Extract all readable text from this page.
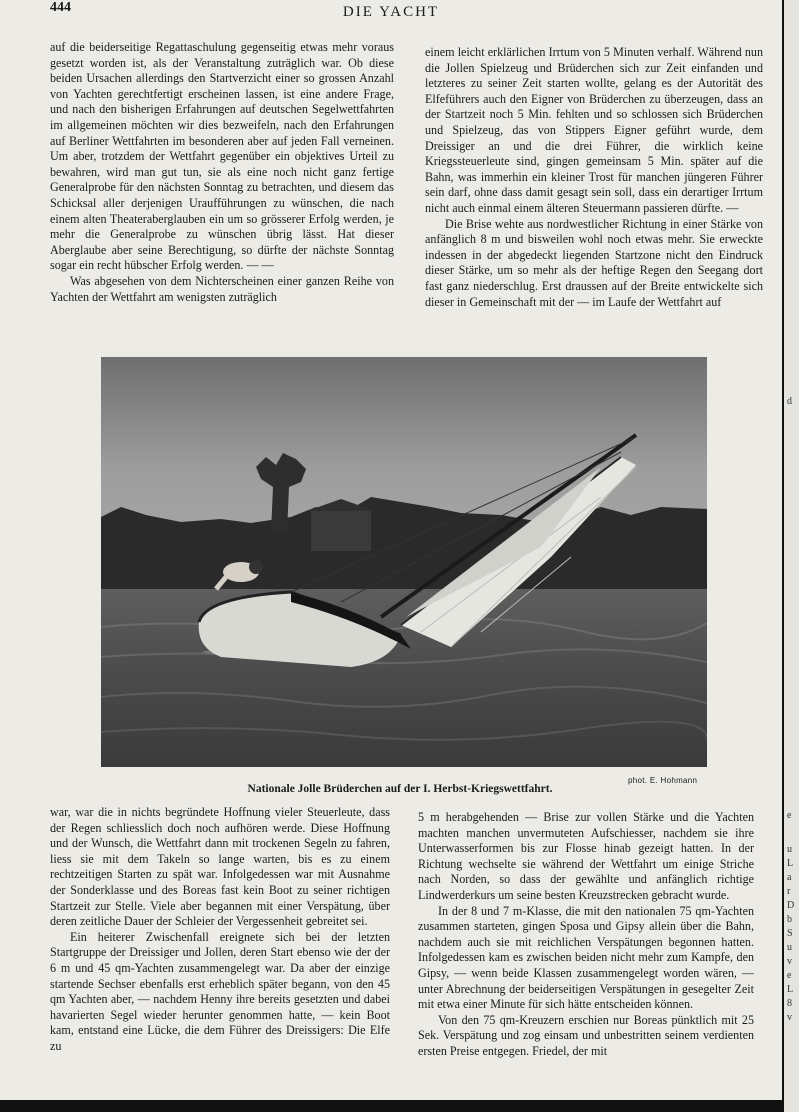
444	DIE YACHT

auf die beiderseitige Regattaschulung gegenseitig etwas mehr voraus gesetzt worden ist, als der Veranstaltung zuträglich war. Ob diese beiden Ursachen allerdings den Startverzicht einer so grossen Anzahl von Yachten gerechtfertigt erscheinen lassen, ist eine andere Frage, und nach den bisherigen Erfahrungen auf deutschen Segelwettfahrten im allgemeinen möchten wir dies bezweifeln, nach den Erfahrungen auf Berliner Wettfahrten im besonderen aber auf jeden Fall verneinen. Um aber, trotzdem der Wettfahrt gegenüber ein objektives Urteil zu bewahren, wird man gut tun, sie als eine noch nicht ganz fertige Generalprobe für den nächsten Sonntag zu betrachten, und diesem das Schicksal aller derjenigen Uraufführungen zu wünschen, die nach einem alten Theateraberglauben ein um so grösserer Erfolg werden, je mehr die Generalprobe zu wünschen übrig lässt. Hat dieser Aberglaube aber seine Berechtigung, so dürfte der nächste Sonntag sogar ein recht hübscher Erfolg werden. — —

Was abgesehen von dem Nichterscheinen einer ganzen Reihe von Yachten der Wettfahrt am wenigsten zuträglich

einem leicht erklärlichen Irrtum von 5 Minuten verhalf. Während nun die Jollen Spielzeug und Brüderchen sich zur Zeit einfanden und letzteres zu seiner Zeit starten wollte, gelang es der Autorität des Elfeführers auch den Eigner von Brüderchen zu überzeugen, dass an der Startzeit noch 5 Min. fehlten und so schlossen sich Brüderchen und Spielzeug, das von Stippers Eigner geführt wurde, dem Dreissiger an und die drei Führer, die wirklich keine Kriegssteuerleute sind, gingen gemeinsam 5 Min. später auf die Bahn, was immerhin ein kleiner Trost für manchen jüngeren Führer sein darf, ohne dass damit gesagt sein soll, dass ein derartiger Irrtum nicht auch einmal einem älteren Steuermann passieren dürfte. —

Die Brise wehte aus nordwestlicher Richtung in einer Stärke von anfänglich 8 m und bisweilen wohl noch etwas mehr. Sie erweckte indessen in der abgedeckt liegenden Startzone nicht den Eindruck dieser Stärke, um so mehr als der heftige Regen den Seegang dort fast ganz niederschlug. Erst draussen auf der Breite entwickelte sich dieser in Gemeinschaft mit der — im Laufe der Wettfahrt auf

phot. E. Hohmann
Nationale Jolle Brüderchen auf der I. Herbst-Kriegswettfahrt.

war, war die in nichts begründete Hoffnung vieler Steuerleute, dass der Regen schliesslich doch noch aufhören werde. Diese Hoffnung und der Wunsch, die Wettfahrt dann mit trockenen Segeln zu fahren, liess sie mit dem Takeln so lange warten, bis es zu einem rechtzeitigen Starten zu spät war. Infolgedessen war mit Ausnahme der Sonderklasse und des Boreas fast kein Boot zu seiner richtigen Startzeit zur Stelle. Viele aber begannen mit einer Verspätung, über deren zeitliche Dauer der Schleier der Vergessenheit gebreitet sei.

Ein heiterer Zwischenfall ereignete sich bei der letzten Startgruppe der Dreissiger und Jollen, deren Start ebenso wie der der 6 m und 45 qm-Yachten zusammengelegt war. Da aber der einzige startende Sechser ebenfalls erst erheblich später begann, von den 45 qm Yachten aber, — nachdem Henny ihre bereits gesetzten und dabei havarierten Segel wieder herunter genommen hatte, — kein Boot kam, entstand eine Lücke, die dem Führer des Dreissigers: Die Elfe zu

5 m herabgehenden — Brise zur vollen Stärke und die Yachten machten manchen unvermuteten Aufschiesser, nachdem sie ihre Unterwasserformen bis zur Flosse hinab gezeigt hatten. In der Richtung wechselte sie während der Wettfahrt um einige Striche nach Norden, so dass der gewählte und anfänglich richtige Lindwerderkurs um seine besten Kreuzstrecken gebracht wurde.

In der 8 und 7 m-Klasse, die mit den nationalen 75 qm-Yachten zusammen starteten, gingen Sposa und Gipsy allein über die Bahn, nachdem auch sie mit reichlichen Verspätungen begonnen hatten. Infolgedessen kam es zwischen beiden nicht mehr zum Kampfe, den Gipsy, — wenn beide Klassen zusammengelegt worden wären, — unter Abrechnung der beiderseitigen Verspätungen in gesegelter Zeit mit etwa einer Minute für sich hätte entscheiden können.

Von den 75 qm-Kreuzern erschien nur Boreas pünktlich mit 25 Sek. Verspätung und zog einsam und unbestritten seinem verdienten ersten Preise entgegen. Friedel, der mit

d
e
u
L
a
r
D
b
S
u
v
e
L
8
v
